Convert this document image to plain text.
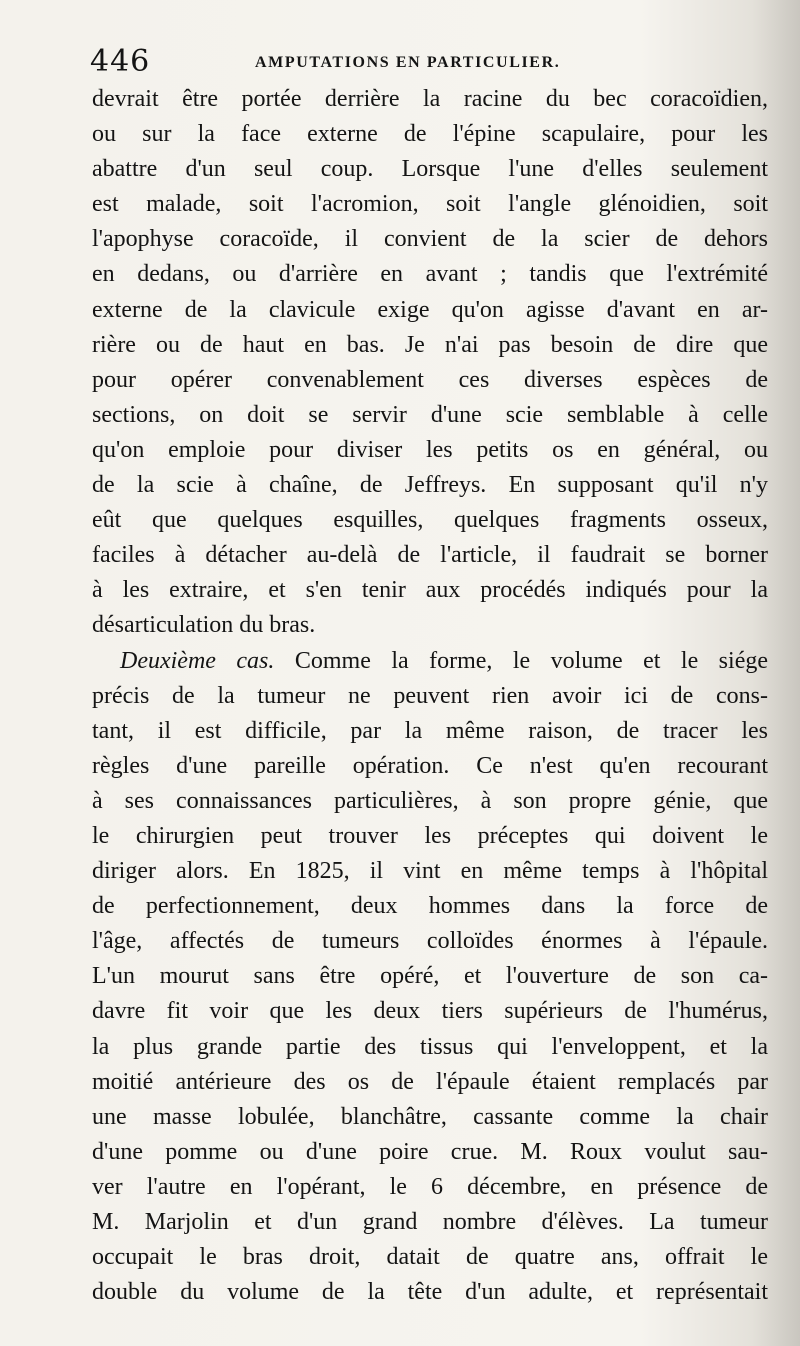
446	AMPUTATIONS EN PARTICULIER.
devrait être portée derrière la racine du bec coracoïdien,
ou sur la face externe de l'épine scapulaire, pour les
abattre d'un seul coup. Lorsque l'une d'elles seulement
est malade, soit l'acromion, soit l'angle glénoidien, soit
l'apophyse coracoïde, il convient de la scier de dehors
en dedans, ou d'arrière en avant ; tandis que l'extrémité
externe de la clavicule exige qu'on agisse d'avant en ar-
rière ou de haut en bas. Je n'ai pas besoin de dire que
pour opérer convenablement ces diverses espèces de
sections, on doit se servir d'une scie semblable à celle
qu'on emploie pour diviser les petits os en général, ou
de la scie à chaîne, de Jeffreys. En supposant qu'il n'y
eût que quelques esquilles, quelques fragments osseux,
faciles à détacher au-delà de l'article, il faudrait se borner
à les extraire, et s'en tenir aux procédés indiqués pour la
désarticulation du bras.
Deuxième cas. Comme la forme, le volume et le siége
précis de la tumeur ne peuvent rien avoir ici de cons-
tant, il est difficile, par la même raison, de tracer les
règles d'une pareille opération. Ce n'est qu'en recourant
à ses connaissances particulières, à son propre génie, que
le chirurgien peut trouver les préceptes qui doivent le
diriger alors. En 1825, il vint en même temps à l'hôpital
de perfectionnement, deux hommes dans la force de
l'âge, affectés de tumeurs colloïdes énormes à l'épaule.
L'un mourut sans être opéré, et l'ouverture de son ca-
davre fit voir que les deux tiers supérieurs de l'humérus,
la plus grande partie des tissus qui l'enveloppent, et la
moitié antérieure des os de l'épaule étaient remplacés par
une masse lobulée, blanchâtre, cassante comme la chair
d'une pomme ou d'une poire crue. M. Roux voulut sau-
ver l'autre en l'opérant, le 6 décembre, en présence de
M. Marjolin et d'un grand nombre d'élèves. La tumeur
occupait le bras droit, datait de quatre ans, offrait le
double du volume de la tête d'un adulte, et représentait
